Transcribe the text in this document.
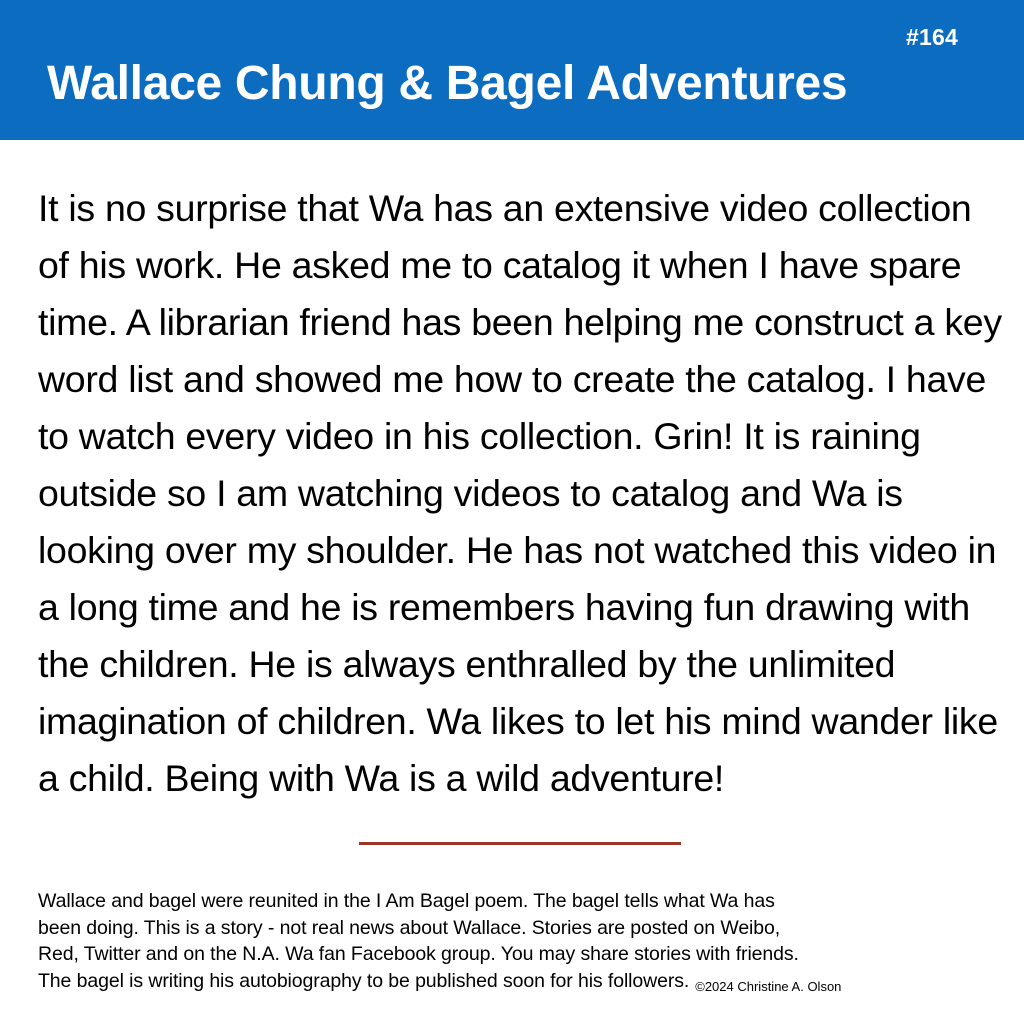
#164
Wallace Chung & Bagel Adventures

It is no surprise that Wa has an extensive video collection of his work. He asked me to catalog it when I have spare time. A librarian friend has been helping me construct a key word list and showed me how to create the catalog. I have to watch every video in his collection. Grin! It is raining outside so I am watching videos to catalog and Wa is looking over my shoulder. He has not watched this video in a long time and he is remembers having fun drawing with the children. He is always enthralled by the unlimited imagination of children. Wa likes to let his mind wander like a child. Being with Wa is a wild adventure!

Wallace and bagel were reunited in the I Am Bagel poem. The bagel tells what Wa has

been doing. This is a story - not real news about Wallace. Stories are posted on Weibo,

Red, Twitter and on the N.A. Wa fan Facebook group. You may share stories with friends.

The bagel is writing his autobiography to be published soon for his followers. ©2024 Christine A. Olson
